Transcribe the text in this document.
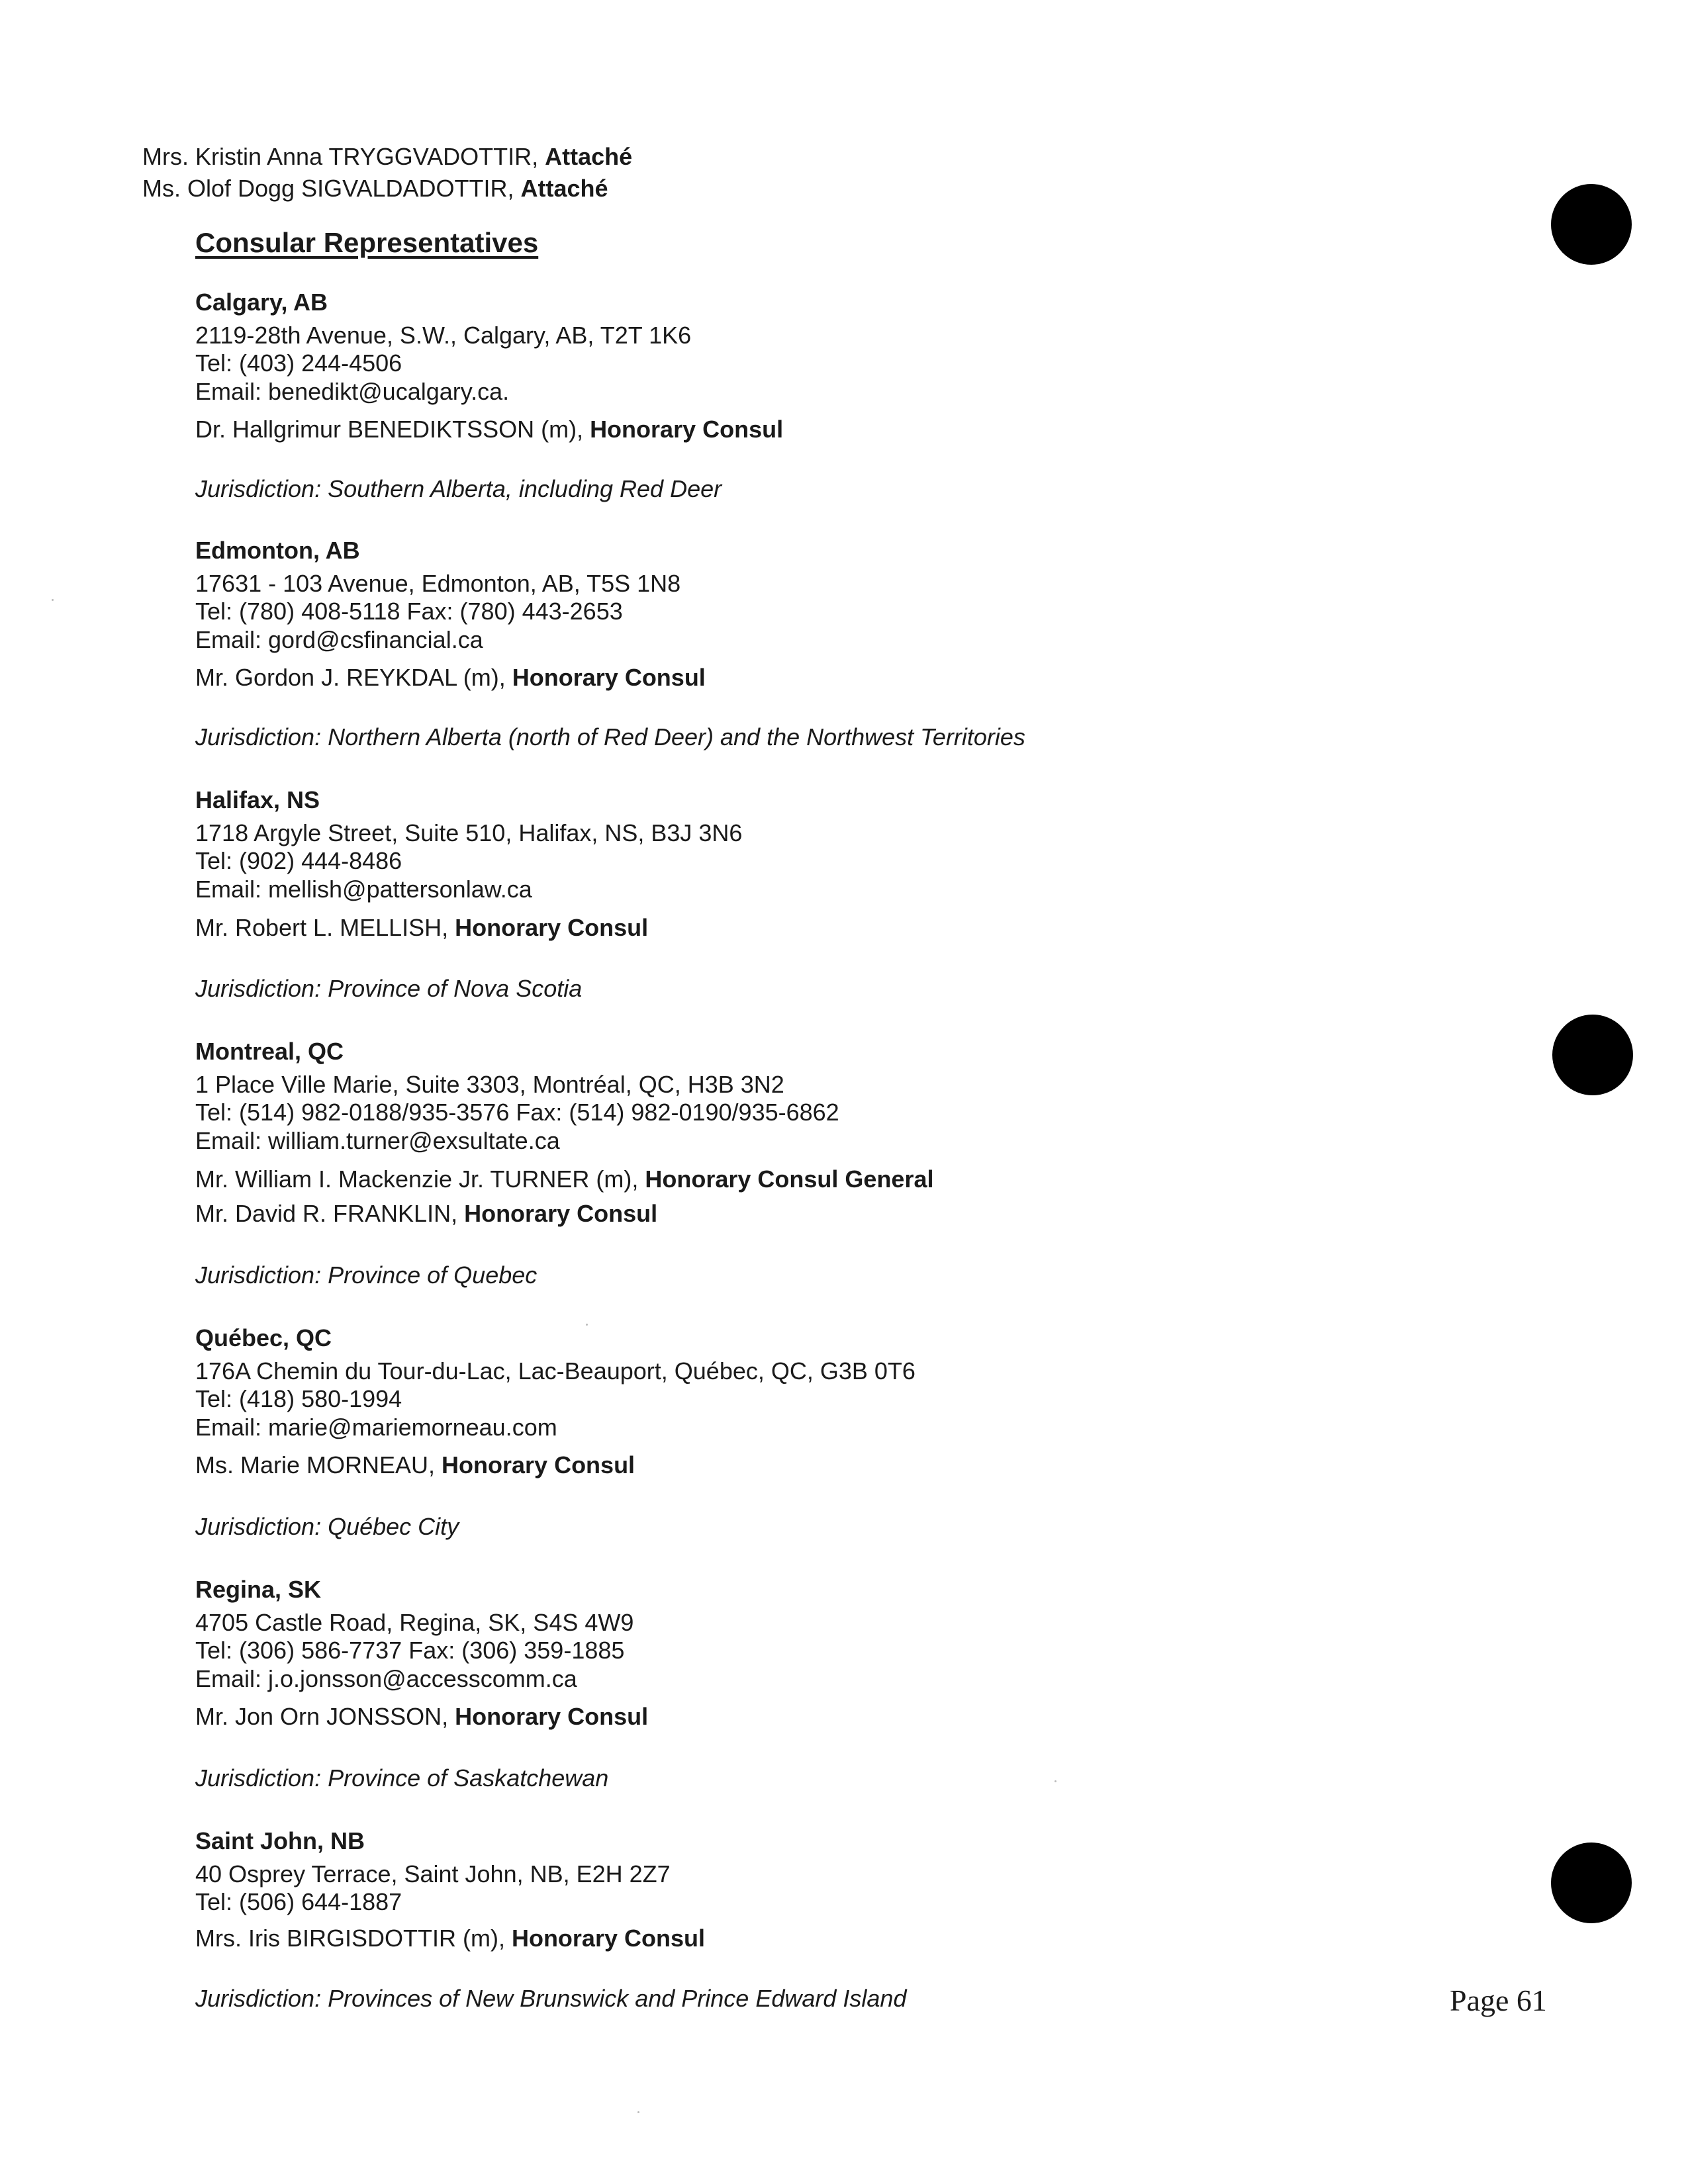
Mrs. Kristin Anna TRYGGVADOTTIR, Attaché
Ms. Olof Dogg SIGVALDADOTTIR, Attaché
Consular Representatives
Calgary, AB
2119-28th Avenue, S.W., Calgary, AB, T2T 1K6
Tel: (403) 244-4506
Email: benedikt@ucalgary.ca.
Dr. Hallgrimur BENEDIKTSSON (m), Honorary Consul
Jurisdiction: Southern Alberta, including Red Deer
Edmonton, AB
17631 - 103 Avenue, Edmonton, AB, T5S 1N8
Tel: (780) 408-5118 Fax: (780) 443-2653
Email: gord@csfinancial.ca
Mr. Gordon J. REYKDAL (m), Honorary Consul
Jurisdiction: Northern Alberta (north of Red Deer) and the Northwest Territories
Halifax, NS
1718 Argyle Street, Suite 510, Halifax, NS, B3J 3N6
Tel: (902) 444-8486
Email: mellish@pattersonlaw.ca
Mr. Robert L. MELLISH, Honorary Consul
Jurisdiction: Province of Nova Scotia
Montreal, QC
1 Place Ville Marie, Suite 3303, Montréal, QC, H3B 3N2
Tel: (514) 982-0188/935-3576 Fax: (514) 982-0190/935-6862
Email: william.turner@exsultate.ca
Mr. William I. Mackenzie Jr. TURNER (m), Honorary Consul General
Mr. David R. FRANKLIN, Honorary Consul
Jurisdiction: Province of Quebec
Québec, QC
176A Chemin du Tour-du-Lac, Lac-Beauport, Québec, QC, G3B 0T6
Tel: (418) 580-1994
Email: marie@mariemorneau.com
Ms. Marie MORNEAU, Honorary Consul
Jurisdiction: Québec City
Regina, SK
4705 Castle Road, Regina, SK, S4S 4W9
Tel: (306) 586-7737 Fax: (306) 359-1885
Email: j.o.jonsson@accesscomm.ca
Mr. Jon Orn JONSSON, Honorary Consul
Jurisdiction: Province of Saskatchewan
Saint John, NB
40 Osprey Terrace, Saint John, NB, E2H 2Z7
Tel: (506) 644-1887
Mrs. Iris BIRGISDOTTIR (m), Honorary Consul
Jurisdiction: Provinces of New Brunswick and Prince Edward Island	Page 61
